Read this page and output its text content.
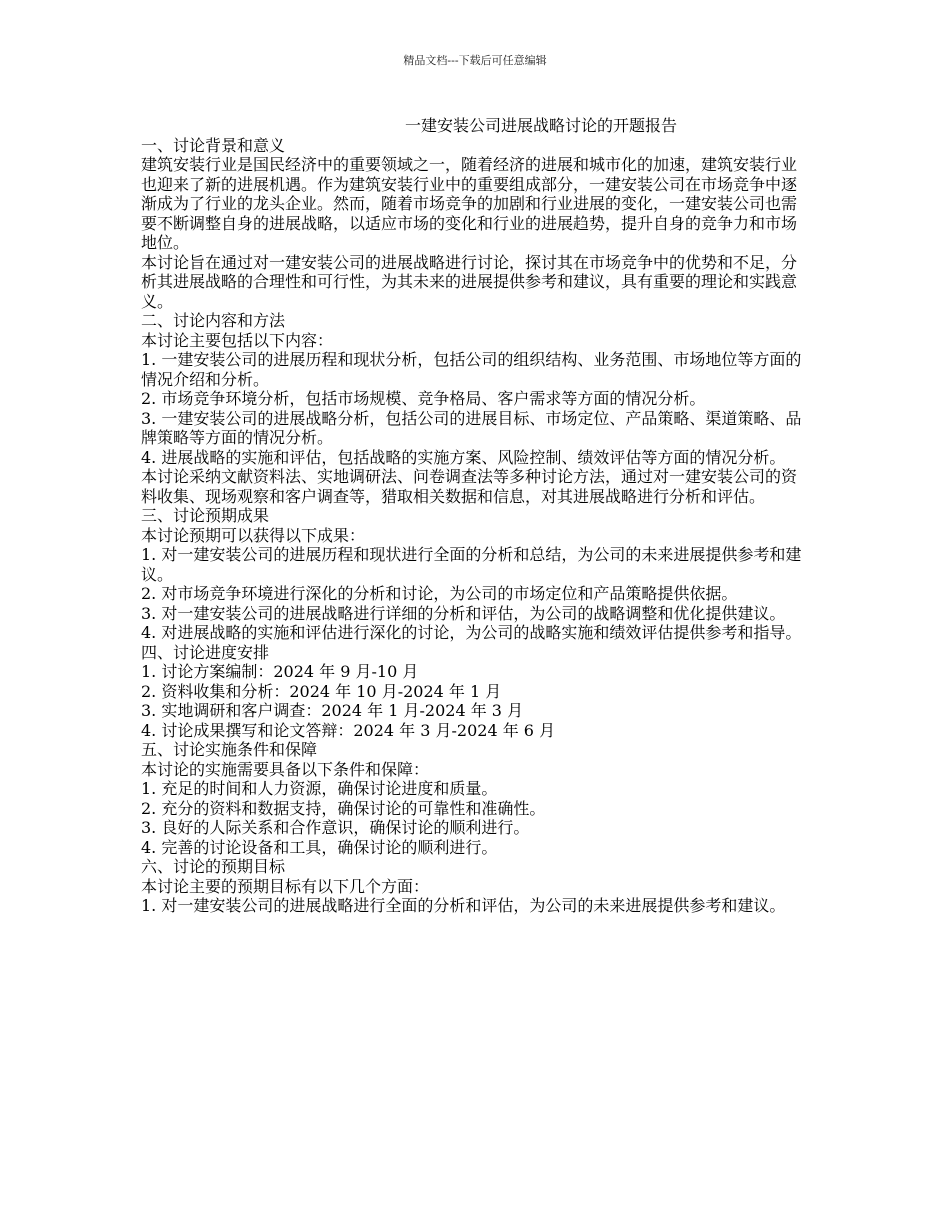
精品文档---下载后可任意编辑

一建安装公司进展战略讨论的开题报告

一、讨论背景和意义

建筑安装行业是国民经济中的重要领域之一，随着经济的进展和城市化的加速，建筑安装行业也迎来了新的进展机遇。作为建筑安装行业中的重要组成部分，一建安装公司在市场竞争中逐渐成为了行业的龙头企业。然而，随着市场竞争的加剧和行业进展的变化，一建安装公司也需要不断调整自身的进展战略，以适应市场的变化和行业的进展趋势，提升自身的竞争力和市场地位。

本讨论旨在通过对一建安装公司的进展战略进行讨论，探讨其在市场竞争中的优势和不足，分析其进展战略的合理性和可行性，为其未来的进展提供参考和建议，具有重要的理论和实践意义。

二、讨论内容和方法

本讨论主要包括以下内容：

1. 一建安装公司的进展历程和现状分析，包括公司的组织结构、业务范围、市场地位等方面的情况介绍和分析。

2. 市场竞争环境分析，包括市场规模、竞争格局、客户需求等方面的情况分析。

3. 一建安装公司的进展战略分析，包括公司的进展目标、市场定位、产品策略、渠道策略、品牌策略等方面的情况分析。

4. 进展战略的实施和评估，包括战略的实施方案、风险控制、绩效评估等方面的情况分析。

本讨论采纳文献资料法、实地调研法、问卷调查法等多种讨论方法，通过对一建安装公司的资料收集、现场观察和客户调查等，猎取相关数据和信息，对其进展战略进行分析和评估。

三、讨论预期成果

本讨论预期可以获得以下成果：

1. 对一建安装公司的进展历程和现状进行全面的分析和总结，为公司的未来进展提供参考和建议。

2. 对市场竞争环境进行深化的分析和讨论，为公司的市场定位和产品策略提供依据。

3. 对一建安装公司的进展战略进行详细的分析和评估，为公司的战略调整和优化提供建议。

4. 对进展战略的实施和评估进行深化的讨论，为公司的战略实施和绩效评估提供参考和指导。

四、讨论进度安排

1. 讨论方案编制：2024 年 9 月-10 月

2. 资料收集和分析：2024 年 10 月-2024 年 1 月

3. 实地调研和客户调查：2024 年 1 月-2024 年 3 月

4. 讨论成果撰写和论文答辩：2024 年 3 月-2024 年 6 月

五、讨论实施条件和保障

本讨论的实施需要具备以下条件和保障：

1. 充足的时间和人力资源，确保讨论进度和质量。

2. 充分的资料和数据支持，确保讨论的可靠性和准确性。

3. 良好的人际关系和合作意识，确保讨论的顺利进行。

4. 完善的讨论设备和工具，确保讨论的顺利进行。

六、讨论的预期目标

本讨论主要的预期目标有以下几个方面：

1. 对一建安装公司的进展战略进行全面的分析和评估，为公司的未来进展提供参考和建议。
